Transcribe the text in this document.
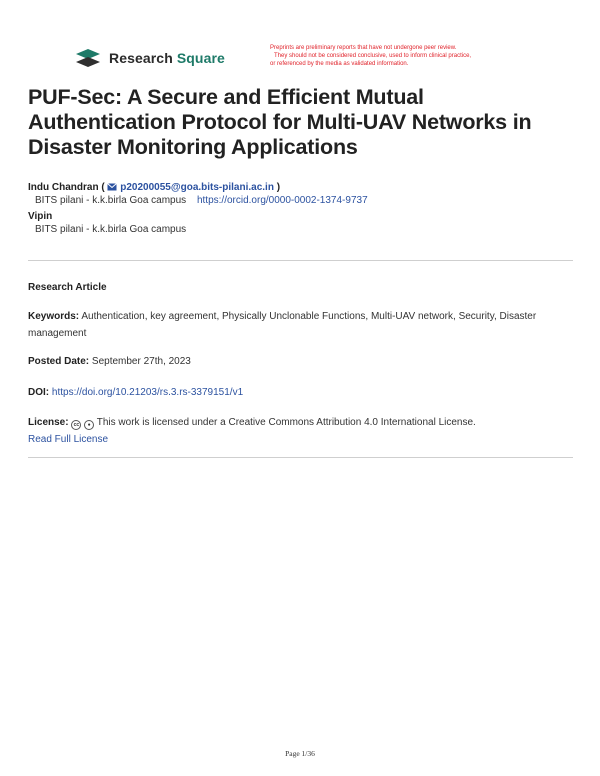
Research Square
Preprints are preliminary reports that have not undergone peer review.
They should not be considered conclusive, used to inform clinical practice,
or referenced by the media as validated information.
PUF-Sec: A Secure and Efficient Mutual Authentication Protocol for Multi-UAV Networks in Disaster Monitoring Applications
Indu Chandran ( p20200055@goa.bits-pilani.ac.in )
BITS pilani - k.k.birla Goa campus https://orcid.org/0000-0002-1374-9737
Vipin
BITS pilani - k.k.birla Goa campus
Research Article
Keywords: Authentication, key agreement, Physically Unclonable Functions, Multi-UAV network, Security, Disaster management
Posted Date: September 27th, 2023
DOI: https://doi.org/10.21203/rs.3.rs-3379151/v1
License: cc ● This work is licensed under a Creative Commons Attribution 4.0 International License.
Read Full License
Page 1/36
